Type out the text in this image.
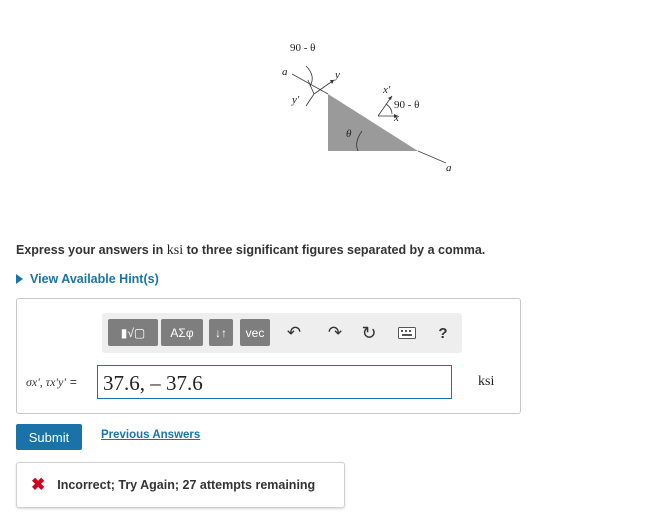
90 - θ
a	y
y'
x'
90 - θ
x
θ
a
Express your answers in ksi to three significant figures separated by a comma.
View Available Hint(s)
▮√▢ ΑΣφ ↓↑ vec ↶ ↷ ↻	?
σx', τx'y' = 37.6, – 37.6	ksi
Submit	Previous Answers
✖ Incorrect; Try Again; 27 attempts remaining
